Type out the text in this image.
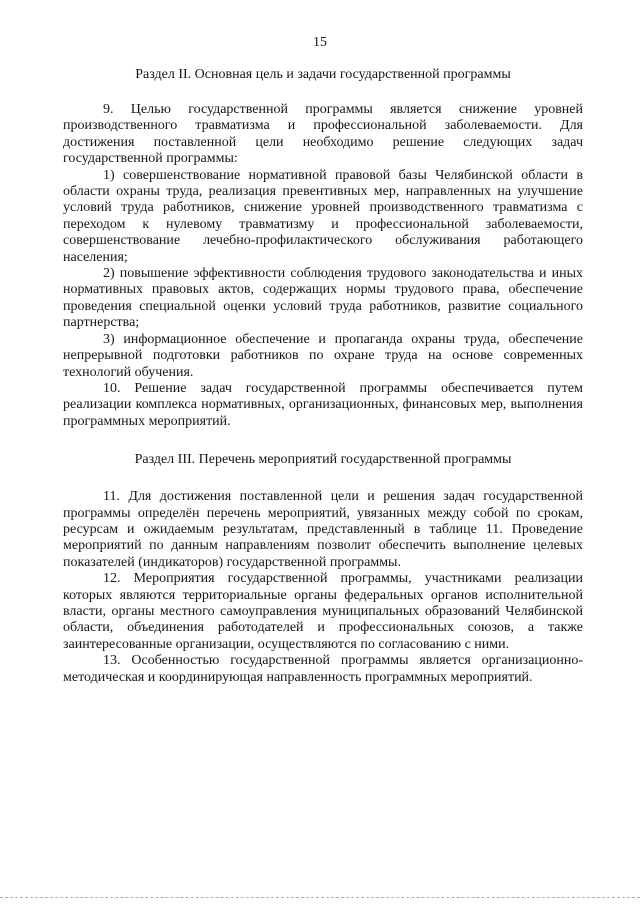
15
Раздел II. Основная цель и задачи государственной программы

9. Целью государственной программы является снижение уровней производственного травматизма и профессиональной заболеваемости. Для достижения поставленной цели необходимо решение следующих задач государственной программы:

1) совершенствование нормативной правовой базы Челябинской области в области охраны труда, реализация превентивных мер, направленных на улучшение условий труда работников, снижение уровней производственного травматизма с переходом к нулевому травматизму и профессиональной заболеваемости, совершенствование лечебно-профилактического обслуживания работающего населения;

2) повышение эффективности соблюдения трудового законодательства и иных нормативных правовых актов, содержащих нормы трудового права, обеспечение проведения специальной оценки условий труда работников, развитие социального партнерства;

3) информационное обеспечение и пропаганда охраны труда, обеспечение непрерывной подготовки работников по охране труда на основе современных технологий обучения.

10. Решение задач государственной программы обеспечивается путем реализации комплекса нормативных, организационных, финансовых мер, выполнения программных мероприятий.

Раздел III. Перечень мероприятий государственной программы

11. Для достижения поставленной цели и решения задач государственной программы определён перечень мероприятий, увязанных между собой по срокам, ресурсам и ожидаемым результатам, представленный в таблице 11. Проведение мероприятий по данным направлениям позволит обеспечить выполнение целевых показателей (индикаторов) государственной программы.

12. Мероприятия государственной программы, участниками реализации которых являются территориальные органы федеральных органов исполнительной власти, органы местного самоуправления муниципальных образований Челябинской области, объединения работодателей и профессиональных союзов, а также заинтересованные организации, осуществляются по согласованию с ними.

13. Особенностью государственной программы является организационно-методическая и координирующая направленность программных мероприятий.
